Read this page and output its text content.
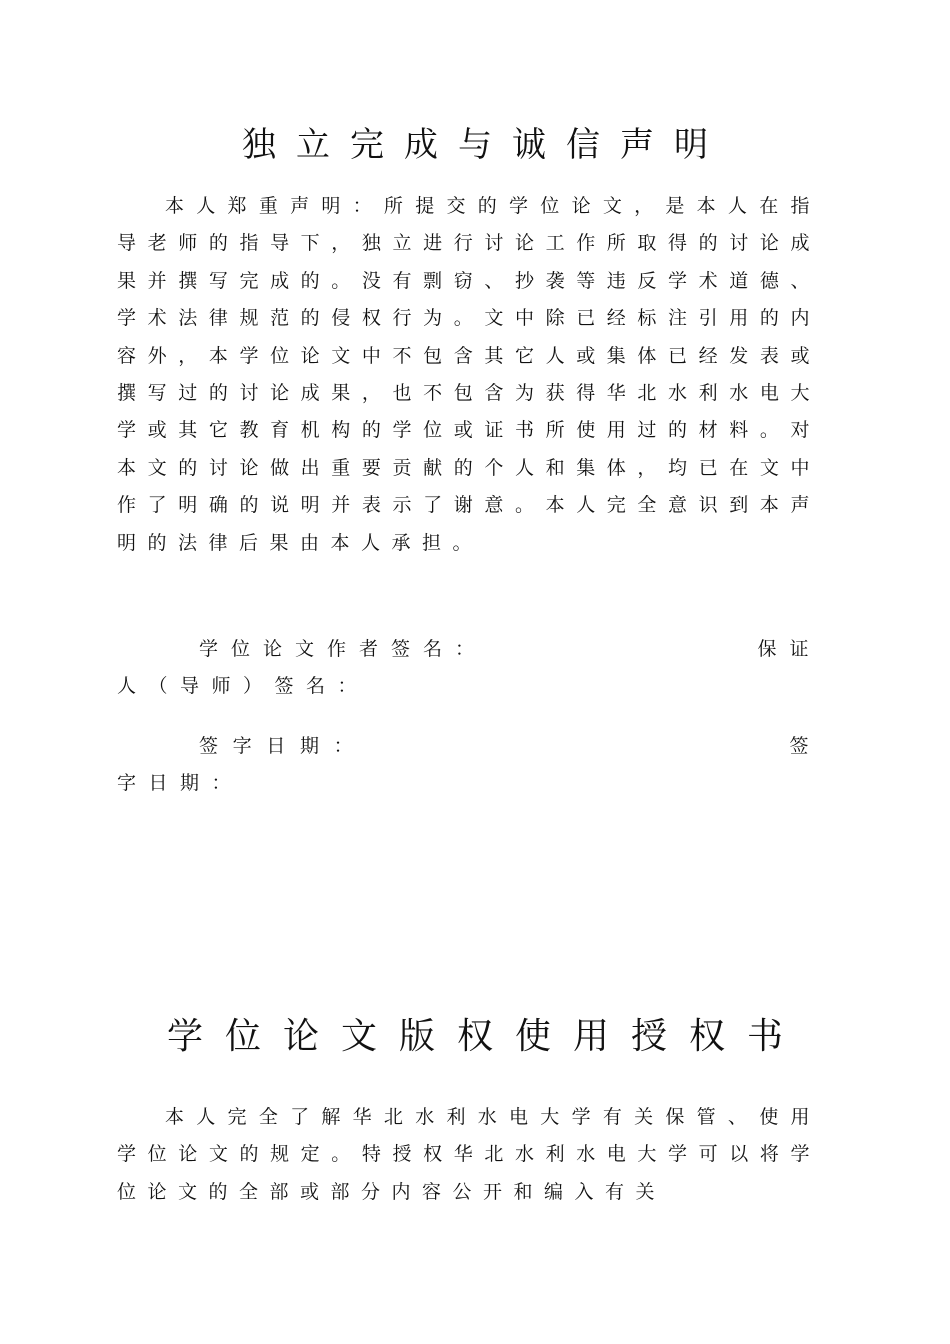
独立完成与诚信声明

本人郑重声明：所提交的学位论文，是本人在指导老师的指导下，独立进行讨论工作所取得的讨论成果并撰写完成的。没有剽窃、抄袭等违反学术道德、学术法律规范的侵权行为。文中除已经标注引用的内容外，本学位论文中不包含其它人或集体已经发表或撰写过的讨论成果，也不包含为获得华北水利水电大学或其它教育机构的学位或证书所使用过的材料。对本文的讨论做出重要贡献的个人和集体，均已在文中作了明确的说明并表示了谢意。本人完全意识到本声明的法律后果由本人承担。

学位论文作者签名：	保证人（导师）签名：

签字日期：	签字日期：

学位论文版权使用授权书

本人完全了解华北水利水电大学有关保管、使用学位论文的规定。特授权华北水利水电大学可以将学位论文的全部或部分内容公开和编入有关
